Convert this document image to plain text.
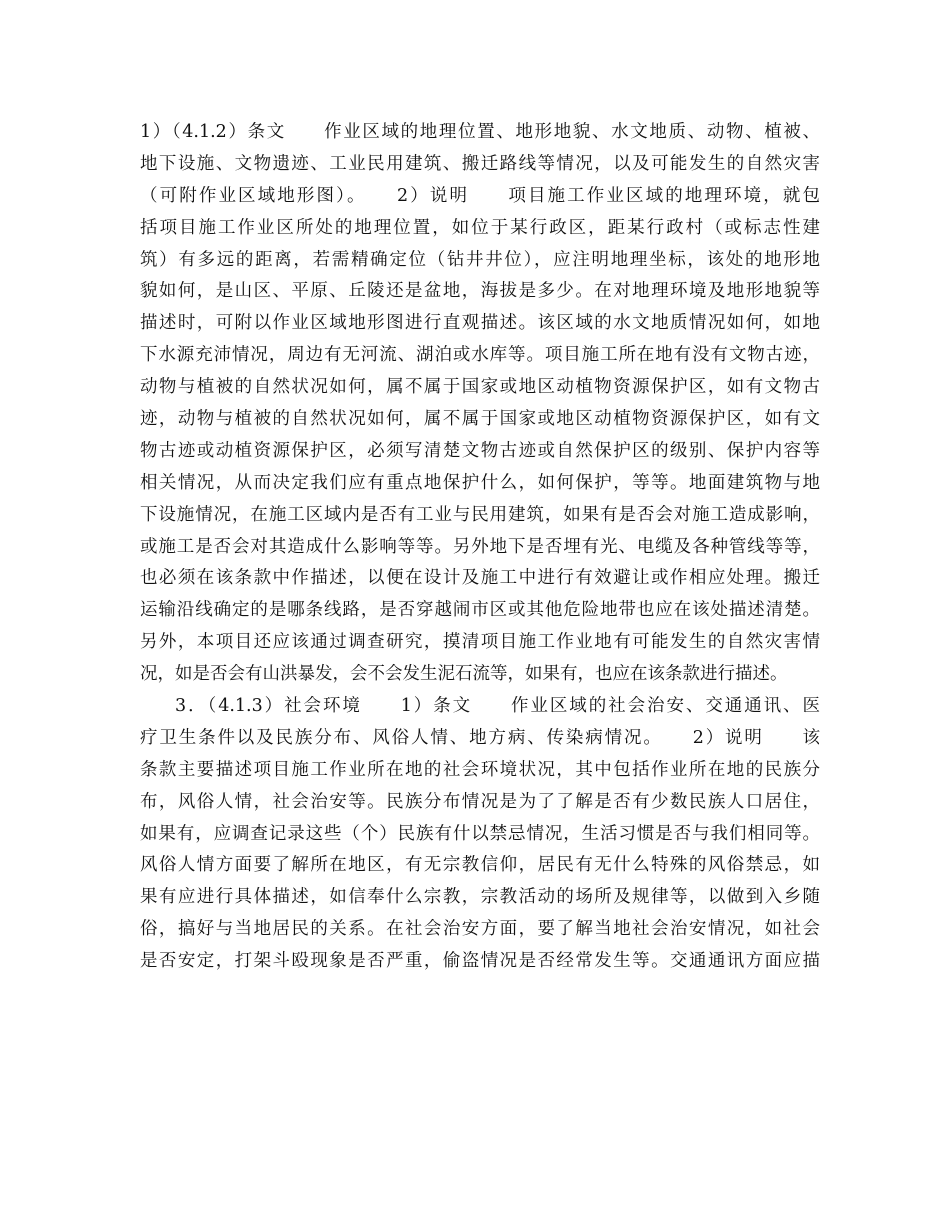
1）（4.1.2）条文　　作业区域的地理位置、地形地貌、水文地质、动物、植被、
地下设施、文物遗迹、工业民用建筑、搬迁路线等情况，以及可能发生的自然灾害
（可附作业区域地形图）。　　2）说明　　项目施工作业区域的地理环境，就包
括项目施工作业区所处的地理位置，如位于某行政区，距某行政村（或标志性建
筑）有多远的距离，若需精确定位（钻井井位），应注明地理坐标，该处的地形地
貌如何，是山区、平原、丘陵还是盆地，海拔是多少。在对地理环境及地形地貌等
描述时，可附以作业区域地形图进行直观描述。该区域的水文地质情况如何，如地
下水源充沛情况，周边有无河流、湖泊或水库等。项目施工所在地有没有文物古迹，
动物与植被的自然状况如何，属不属于国家或地区动植物资源保护区，如有文物古
迹，动物与植被的自然状况如何，属不属于国家或地区动植物资源保护区，如有文
物古迹或动植资源保护区，必须写清楚文物古迹或自然保护区的级别、保护内容等
相关情况，从而决定我们应有重点地保护什么，如何保护，等等。地面建筑物与地
下设施情况，在施工区域内是否有工业与民用建筑，如果有是否会对施工造成影响，
或施工是否会对其造成什么影响等等。另外地下是否埋有光、电缆及各种管线等等，
也必须在该条款中作描述，以便在设计及施工中进行有效避让或作相应处理。搬迁
运输沿线确定的是哪条线路，是否穿越闹市区或其他危险地带也应在该处描述清楚。
另外，本项目还应该通过调查研究，摸清项目施工作业地有可能发生的自然灾害情
况，如是否会有山洪暴发，会不会发生泥石流等，如果有，也应在该条款进行描述。
3．（4.1.3）社会环境　　1）条文　　作业区域的社会治安、交通通讯、医
疗卫生条件以及民族分布、风俗人情、地方病、传染病情况。　　2）说明　　该
条款主要描述项目施工作业所在地的社会环境状况，其中包括作业所在地的民族分
布，风俗人情，社会治安等。民族分布情况是为了了解是否有少数民族人口居住，
如果有，应调查记录这些（个）民族有什以禁忌情况，生活习惯是否与我们相同等。
风俗人情方面要了解所在地区，有无宗教信仰，居民有无什么特殊的风俗禁忌，如
果有应进行具体描述，如信奉什么宗教，宗教活动的场所及规律等，以做到入乡随
俗，搞好与当地居民的关系。在社会治安方面，要了解当地社会治安情况，如社会
是否安定，打架斗殴现象是否严重，偷盗情况是否经常发生等。交通通讯方面应描
